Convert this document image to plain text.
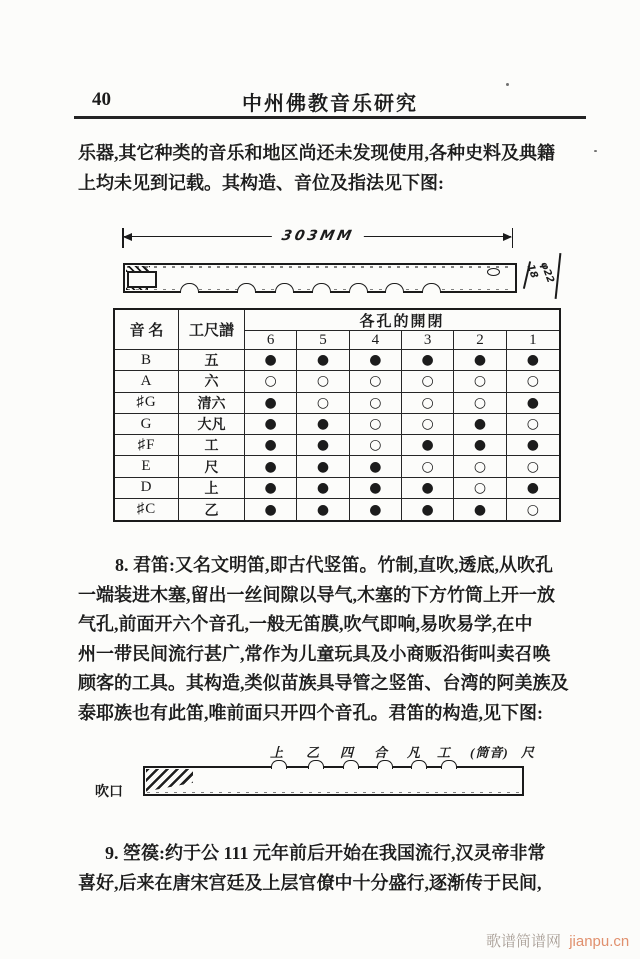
40	中州佛教音乐研究
乐器,其它种类的音乐和地区尚还未发现使用,各种史料及典籍
上均未见到记载。其构造、音位及指法见下图:
303MM
18
φ22
音 名	工尺譜
各孔的開閉
6	5	4	3	2	1
B	五	●	●	●	●	●	●
A	六	○	○	○	○	○	○
♯G	清六	●	○	○	○	○	●
G	大凡	●	●	○	○	●	○
♯F	工	●	●	○	●	●	●
E	尺	●	●	●	○	○	○
D	上	●	●	●	●	○	●
♯C	乙	●	●	●	●	●	○
8. 君笛:又名文明笛,即古代竖笛。竹制,直吹,透底,从吹孔
一端装进木塞,留出一丝间隙以导气,木塞的下方竹筒上开一放
气孔,前面开六个音孔,一般无笛膜,吹气即响,易吹易学,在中
州一带民间流行甚广,常作为儿童玩具及小商贩沿街叫卖召唤
顾客的工具。其构造,类似苗族具导管之竖笛、台湾的阿美族及
泰耶族也有此笛,唯前面只开四个音孔。君笛的构造,见下图:
(筒音) 尺
上 乙 四 合 凡 工
吹口
9. 箜篌:约于公 111 元年前后开始在我国流行,汉灵帝非常
喜好,后来在唐宋宫廷及上层官僚中十分盛行,逐渐传于民间,
歌谱简谱网 jianpu.cn
